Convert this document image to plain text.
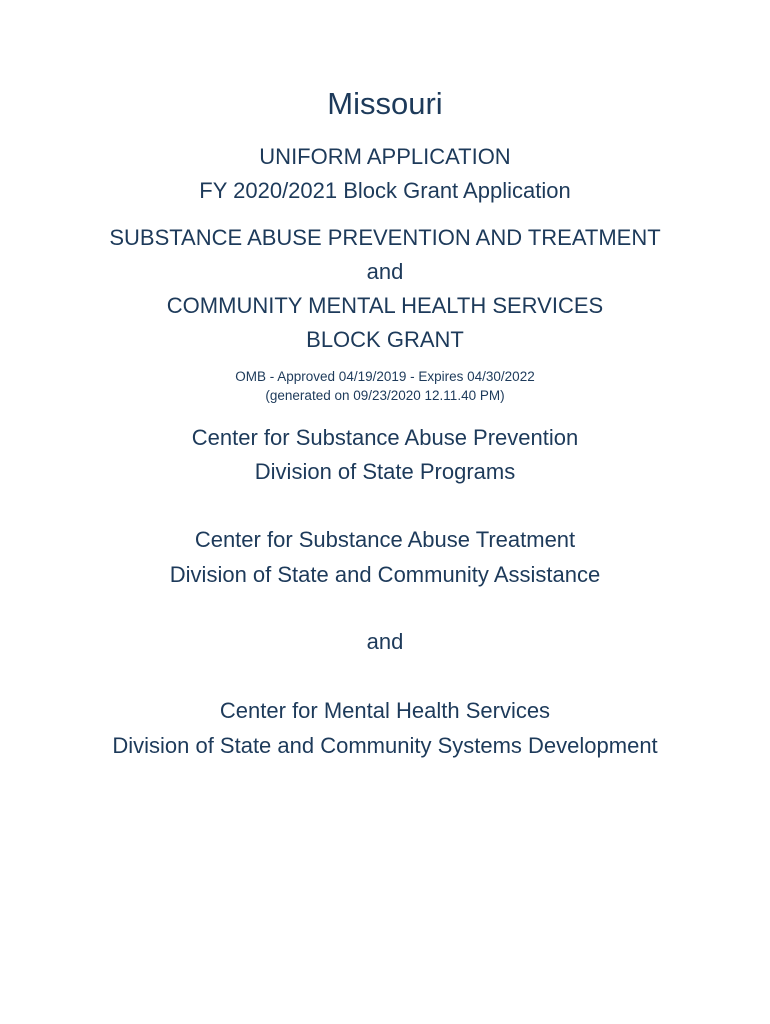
Missouri
UNIFORM APPLICATION
FY 2020/2021 Block Grant Application
SUBSTANCE ABUSE PREVENTION AND TREATMENT
and
COMMUNITY MENTAL HEALTH SERVICES
BLOCK GRANT
OMB - Approved 04/19/2019 - Expires 04/30/2022
(generated on 09/23/2020 12.11.40 PM)
Center for Substance Abuse Prevention
Division of State Programs
Center for Substance Abuse Treatment
Division of State and Community Assistance
and
Center for Mental Health Services
Division of State and Community Systems Development
